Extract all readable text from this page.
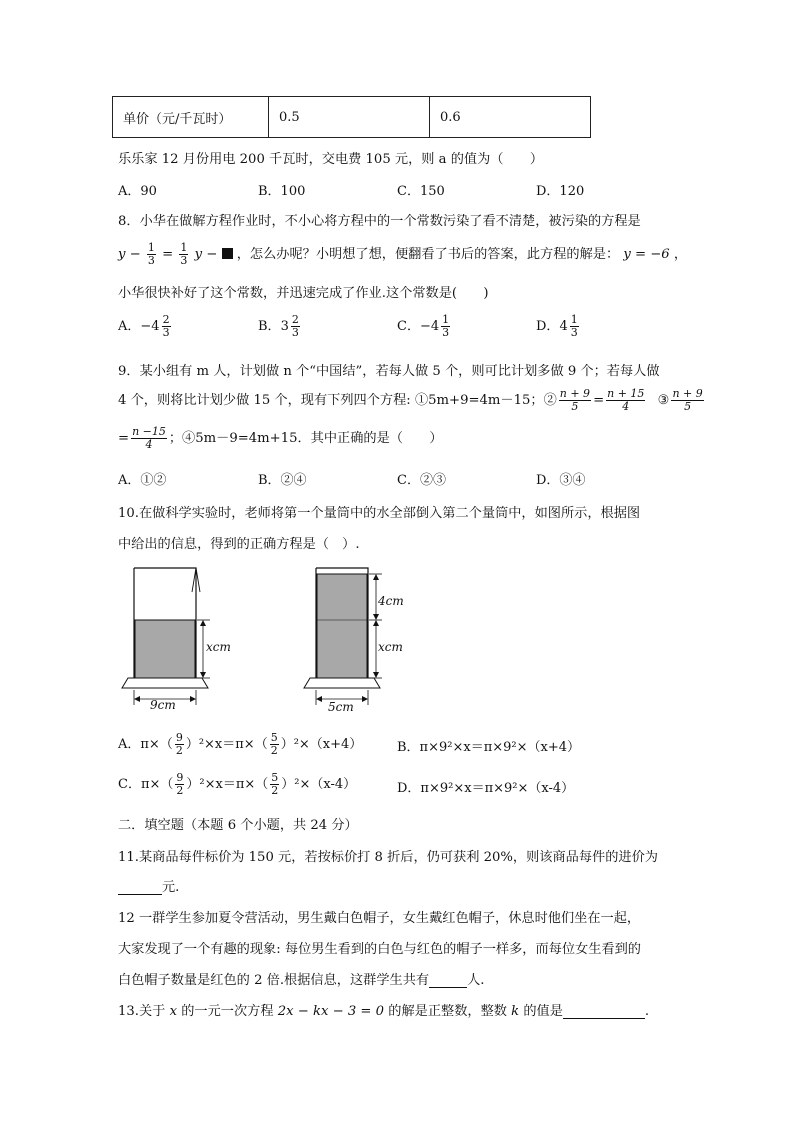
单价（元/千瓦时）	0.5	0.6
乐乐家 12 月份用电 200 千瓦时，交电费 105 元，则 a 的值为（　　）
A．90	B．100	C．150	D．120
8．小华在做解方程作业时，不小心将方程中的一个常数污染了看不清楚，被污染的方程是
$y - \frac{1}{3} = \frac{1}{3}$ y − ，怎么办呢？小明想了想，便翻看了书后的答案，此方程的解是： y = −6 ，
小华很快补好了这个常数，并迅速完成了作业.这个常数是(　　)
A．$-4 \frac{2}{3}$	B．$3 \frac{2}{3}$	C．$-4 \frac{1}{3}$	D．$4 \frac{1}{3}$
9．某小组有 m 人，计划做 n 个“中国结”，若每人做 5 个，则可比计划多做 9 个；若每人做
4 个，则将比计划少做 15 个，现有下列四个方程: ①5m+9=4m－15；② $\frac{n + 9}{5} = \frac{n + 15}{4}$ ③ $\frac{n + 9}{5}$
= $\frac{n -15}{4}$ ；④5m－9=4m+15．其中正确的是（　　）
A．①②	B．②④	C．②③	D．③④
10.在做科学实验时，老师将第一个量筒中的水全部倒入第二个量筒中，如图所示，根据图
中给出的信息，得到的正确方程是（　）.
xcm
9cm
4cm
xcm
5cm
A．$\pi\times( \frac{9}{2} )^2\times x=\pi\times( \frac{5}{2} )^2\times(x+4)$	B．π×9²×x＝π×9²×（x+4）
C．$\pi\times( \frac{9}{2} )^2\times x=\pi\times( \frac{5}{2} )^2\times(x-4)$	D．π×9²×x＝π×9²×（x-4）
二．填空题（本题 6 个小题，共 24 分）
11.某商品每件标价为 150 元，若按标价打 8 折后，仍可获利 20%，则该商品每件的进价为
元.
12 一群学生参加夏令营活动，男生戴白色帽子，女生戴红色帽子，休息时他们坐在一起，
大家发现了一个有趣的现象: 每位男生看到的白色与红色的帽子一样多，而每位女生看到的
白色帽子数量是红色的 2 倍.根据信息，这群学生共有	人.
13.关于 x 的一元一次方程 2x − kx − 3 = 0 的解是正整数，整数 k 的值是	.
